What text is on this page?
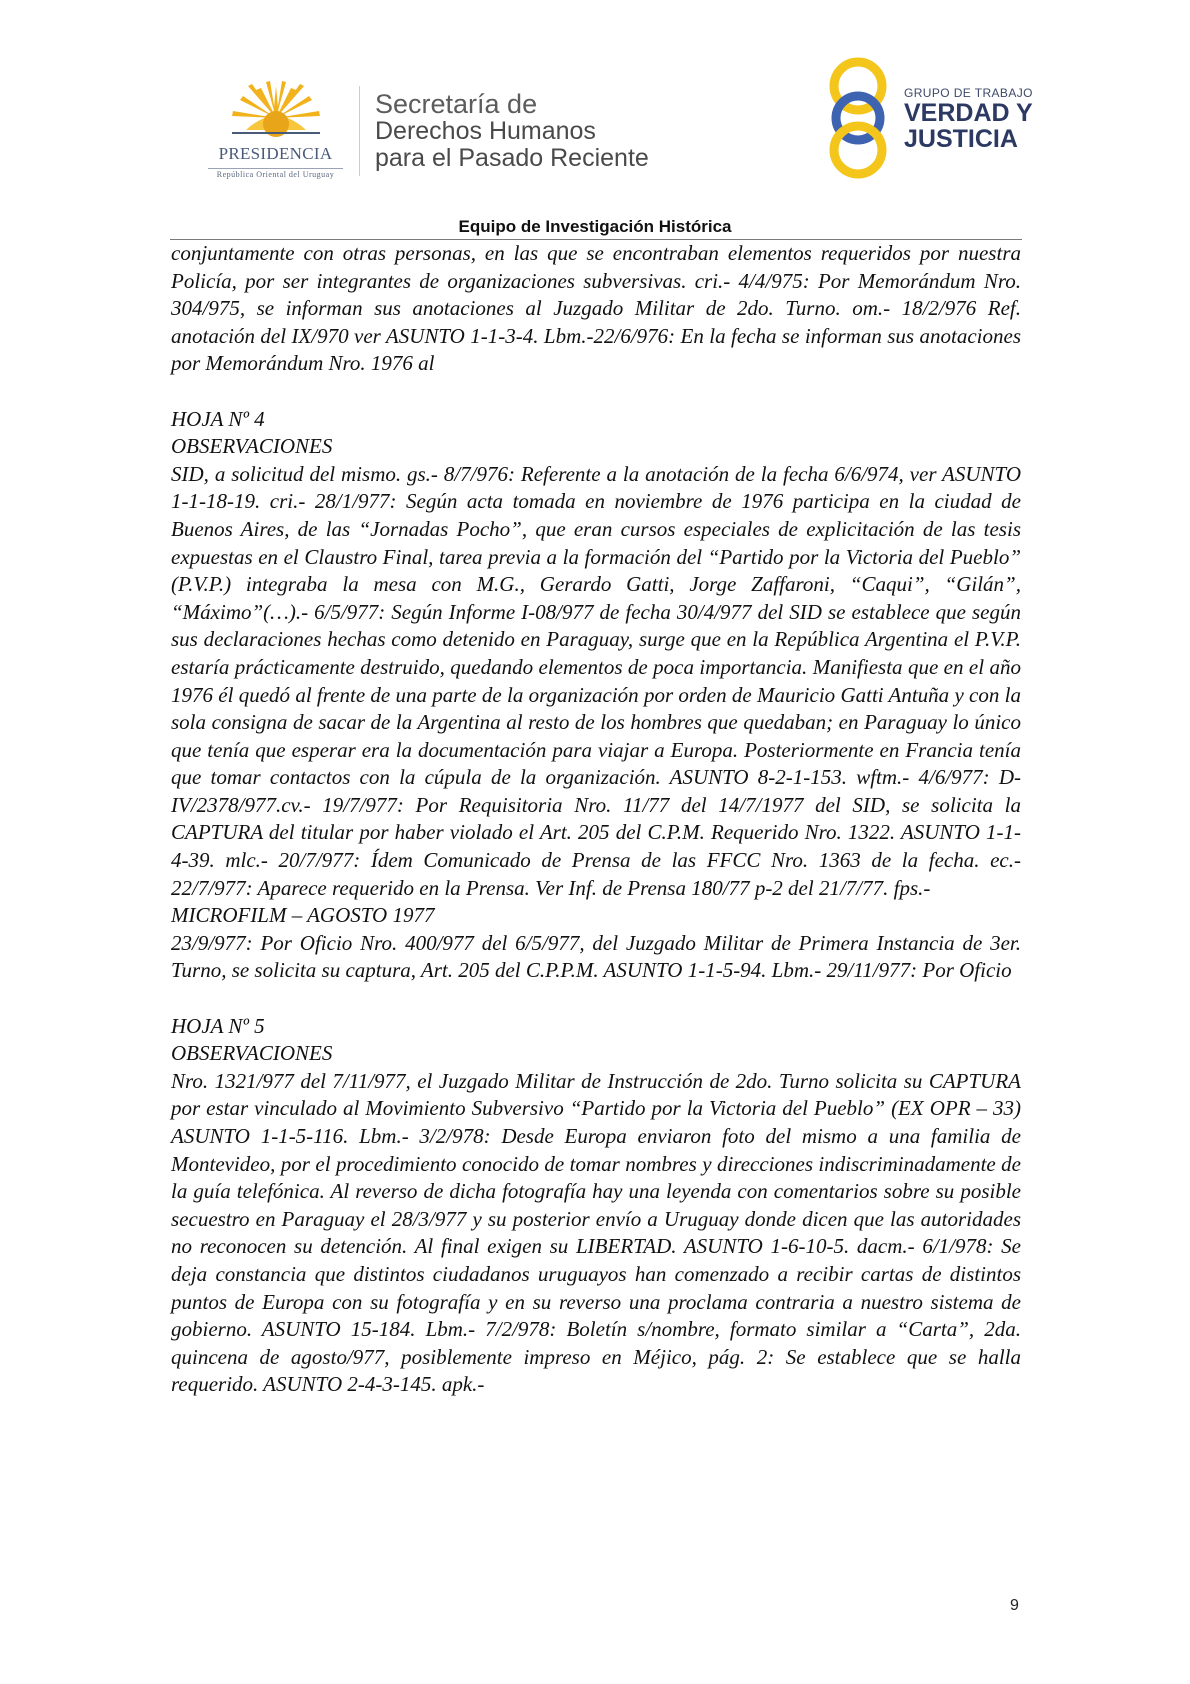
PRESIDENCIA
República Oriental del Uruguay
Secretaría de
Derechos Humanos
para el Pasado Reciente
GRUPO DE TRABAJO
VERDAD Y
JUSTICIA
Equipo de Investigación Histórica

conjuntamente con otras personas, en las que se encontraban elementos requeridos por nuestra Policía, por ser integrantes de organizaciones subversivas. cri.- 4/4/975: Por Memorándum Nro. 304/975, se informan sus anotaciones al Juzgado Militar de 2do. Turno. om.- 18/2/976 Ref. anotación del IX/970 ver ASUNTO 1-1-3-4. Lbm.-22/6/976: En la fecha se informan sus anotaciones por Memorándum Nro. 1976 al

HOJA Nº 4

OBSERVACIONES

SID, a solicitud del mismo. gs.- 8/7/976: Referente a la anotación de la fecha 6/6/974, ver ASUNTO 1-1-18-19. cri.- 28/1/977: Según acta tomada en noviembre de 1976 participa en la ciudad de Buenos Aires, de las “Jornadas Pocho”, que eran cursos especiales de explicitación de las tesis expuestas en el Claustro Final, tarea previa a la formación del “Partido por la Victoria del Pueblo” (P.V.P.) integraba la mesa con M.G., Gerardo Gatti, Jorge Zaffaroni, “Caqui”, “Gilán”, “Máximo”(…).- 6/5/977: Según Informe I-08/977 de fecha 30/4/977 del SID se establece que según sus declaraciones hechas como detenido en Paraguay, surge que en la República Argentina el P.V.P. estaría prácticamente destruido, quedando elementos de poca importancia. Manifiesta que en el año 1976 él quedó al frente de una parte de la organización por orden de Mauricio Gatti Antuña y con la sola consigna de sacar de la Argentina al resto de los hombres que quedaban; en Paraguay lo único que tenía que esperar era la documentación para viajar a Europa. Posteriormente en Francia tenía que tomar contactos con la cúpula de la organización. ASUNTO 8-2-1-153. wftm.- 4/6/977: D-IV/2378/977.cv.- 19/7/977: Por Requisitoria Nro. 11/77 del 14/7/1977 del SID, se solicita la CAPTURA del titular por haber violado el Art. 205 del C.P.M. Requerido Nro. 1322. ASUNTO 1-1-4-39. mlc.- 20/7/977: Ídem Comunicado de Prensa de las FFCC Nro. 1363 de la fecha. ec.- 22/7/977: Aparece requerido en la Prensa. Ver Inf. de Prensa 180/77 p-2 del 21/7/77. fps.-

MICROFILM – AGOSTO 1977

23/9/977: Por Oficio Nro. 400/977 del 6/5/977, del Juzgado Militar de Primera Instancia de 3er. Turno, se solicita su captura, Art. 205 del C.P.P.M. ASUNTO 1-1-5-94. Lbm.- 29/11/977: Por Oficio

HOJA Nº 5

OBSERVACIONES

Nro. 1321/977 del 7/11/977, el Juzgado Militar de Instrucción de 2do. Turno solicita su CAPTURA por estar vinculado al Movimiento Subversivo “Partido por la Victoria del Pueblo” (EX OPR – 33) ASUNTO 1-1-5-116. Lbm.- 3/2/978: Desde Europa enviaron foto del mismo a una familia de Montevideo, por el procedimiento conocido de tomar nombres y direcciones indiscriminadamente de la guía telefónica. Al reverso de dicha fotografía hay una leyenda con comentarios sobre su posible secuestro en Paraguay el 28/3/977 y su posterior envío a Uruguay donde dicen que las autoridades no reconocen su detención. Al final exigen su LIBERTAD. ASUNTO 1-6-10-5. dacm.- 6/1/978: Se deja constancia que distintos ciudadanos uruguayos han comenzado a recibir cartas de distintos puntos de Europa con su fotografía y en su reverso una proclama contraria a nuestro sistema de gobierno. ASUNTO 15-184. Lbm.- 7/2/978: Boletín s/nombre, formato similar a “Carta”, 2da. quincena de agosto/977, posiblemente impreso en Méjico, pág. 2: Se establece que se halla requerido. ASUNTO 2-4-3-145. apk.-

9
